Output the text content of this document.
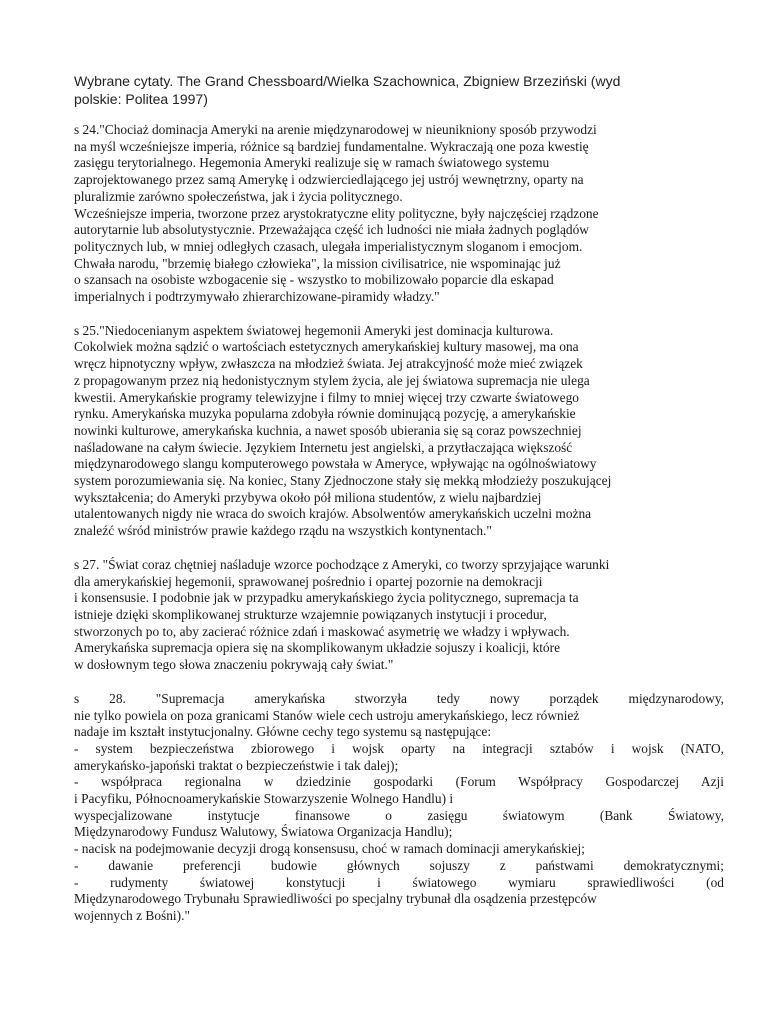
Wybrane cytaty. The Grand Chessboard/Wielka Szachownica, Zbigniew Brzeziński (wyd
polskie: Politea 1997)
s 24."Chociaż dominacja Ameryki na arenie międzynarodowej w nieunikniony sposób przywodzi
na myśl wcześniejsze imperia, różnice są bardziej fundamentalne. Wykraczają one poza kwestię
zasięgu terytorialnego. Hegemonia Ameryki realizuje się w ramach światowego systemu
zaprojektowanego przez samą Amerykę i odzwierciedlającego jej ustrój wewnętrzny, oparty na
pluralizmie zarówno społeczeństwa, jak i życia politycznego.
Wcześniejsze imperia, tworzone przez arystokratyczne elity polityczne, były najczęściej rządzone
autorytarnie lub absolutystycznie. Przeważająca część ich ludności nie miała żadnych poglądów
politycznych lub, w mniej odległych czasach, ulegała imperialistycznym sloganom i emocjom.
Chwała narodu, "brzemię białego człowieka", la mission civilisatrice, nie wspominając już
o szansach na osobiste wzbogacenie się - wszystko to mobilizowało poparcie dla eskapad
imperialnych i podtrzymywało zhierarchizowane-piramidy władzy."
s 25."Niedocenianym aspektem światowej hegemonii Ameryki jest dominacja kulturowa.
Cokolwiek można sądzić o wartościach estetycznych amerykańskiej kultury masowej, ma ona
wręcz hipnotyczny wpływ, zwłaszcza na młodzież świata. Jej atrakcyjność może mieć związek
z propagowanym przez nią hedonistycznym stylem życia, ale jej światowa supremacja nie ulega
kwestii. Amerykańskie programy telewizyjne i filmy to mniej więcej trzy czwarte światowego
rynku. Amerykańska muzyka popularna zdobyła równie dominującą pozycję, a amerykańskie
nowinki kulturowe, amerykańska kuchnia, a nawet sposób ubierania się są coraz powszechniej
naśladowane na całym świecie. Językiem Internetu jest angielski, a przytłaczająca większość
międzynarodowego slangu komputerowego powstała w Ameryce, wpływając na ogólnoświatowy
system porozumiewania się. Na koniec, Stany Zjednoczone stały się mekką młodzieży poszukującej
wykształcenia; do Ameryki przybywa około pół miliona studentów, z wielu najbardziej
utalentowanych nigdy nie wraca do swoich krajów. Absolwentów amerykańskich uczelni można
znaleźć wśród ministrów prawie każdego rządu na wszystkich kontynentach."
s 27. "Świat coraz chętniej naśladuje wzorce pochodzące z Ameryki, co tworzy sprzyjające warunki
dla amerykańskiej hegemonii, sprawowanej pośrednio i opartej pozornie na demokracji
i konsensusie. I podobnie jak w przypadku amerykańskiego życia politycznego, supremacja ta
istnieje dzięki skomplikowanej strukturze wzajemnie powiązanych instytucji i procedur,
stworzonych po to, aby zacierać różnice zdań i maskować asymetrię we władzy i wpływach.
Amerykańska supremacja opiera się na skomplikowanym układzie sojuszy i koalicji, które
w dosłownym tego słowa znaczeniu pokrywają cały świat."
s 28. "Supremacja amerykańska stworzyła tedy nowy porządek międzynarodowy,
nie tylko powiela on poza granicami Stanów wiele cech ustroju amerykańskiego, lecz również
nadaje im kształt instytucjonalny. Główne cechy tego systemu są następujące:
- system bezpieczeństwa zbiorowego i wojsk oparty na integracji sztabów i wojsk (NATO,
amerykańsko-japoński traktat o bezpieczeństwie i tak dalej);
- współpraca regionalna w dziedzinie gospodarki (Forum Współpracy Gospodarczej Azji
i Pacyfiku, Północnoamerykańskie Stowarzyszenie Wolnego Handlu) i
wyspecjalizowane instytucje finansowe o zasięgu światowym (Bank Światowy,
Międzynarodowy Fundusz Walutowy, Światowa Organizacja Handlu);
- nacisk na podejmowanie decyzji drogą konsensusu, choć w ramach dominacji amerykańskiej;
- dawanie preferencji budowie głównych sojuszy z państwami demokratycznymi;
- rudymenty światowej konstytucji i światowego wymiaru sprawiedliwości (od
Międzynarodowego Trybunału Sprawiedliwości po specjalny trybunał dla osądzenia przestępców
wojennych z Bośni)."
